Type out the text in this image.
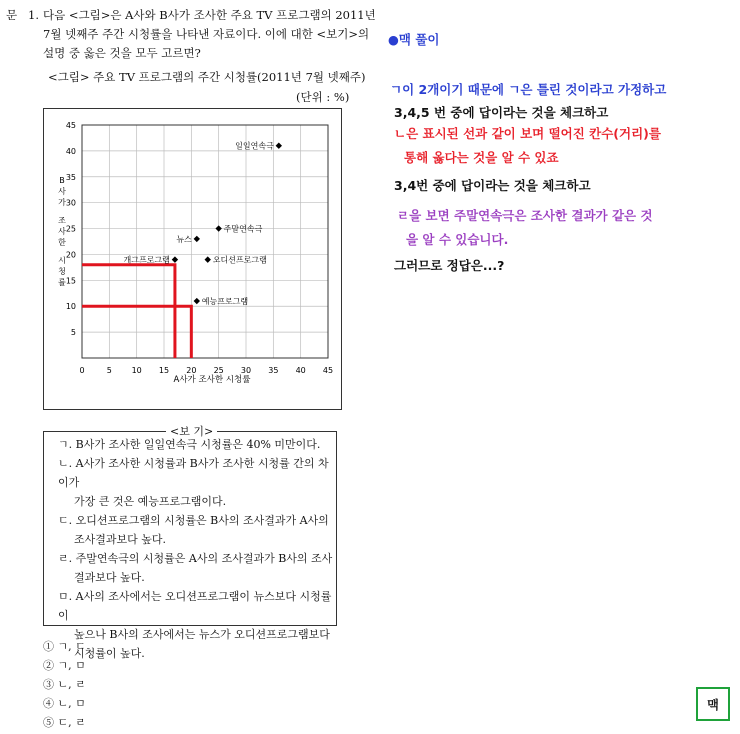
문 1. 다음 <그림>은 A사와 B사가 조사한 주요 TV 프로그램의 2011년
7월 넷째주 주간 시청률을 나타낸 자료이다. 이에 대한 <보기>의
설명 중 옳은 것을 모두 고르면?
<그림> 주요 TV 프로그램의 주간 시청률(2011년 7월 넷째주)
(단위 : %)
5
10
15
20
25
30
35
40
45
0	5 10 15 20 25 30 35 40 45
일일연속극
주말연속극
뉴스
개그프로그램	오디션프로그램
예능프로그램
A사가 조사한 시청률
B
사
가
조
사
한
시
청
률
<보 기>
ㄱ. B사가 조사한 일일연속극 시청률은 40% 미만이다.
ㄴ. A사가 조사한 시청률과 B사가 조사한 시청률 간의 차이가
가장 큰 것은 예능프로그램이다.
ㄷ. 오디션프로그램의 시청률은 B사의 조사결과가 A사의
조사결과보다 높다.
ㄹ. 주말연속극의 시청률은 A사의 조사결과가 B사의 조사
결과보다 높다.
ㅁ. A사의 조사에서는 오디션프로그램이 뉴스보다 시청률이
높으나 B사의 조사에서는 뉴스가 오디션프로그램보다
시청률이 높다.
① ㄱ, ㄷ
② ㄱ, ㅁ
③ ㄴ, ㄹ
④ ㄴ, ㅁ
⑤ ㄷ, ㄹ
●맥 풀이
ㄱ이 2개이기 때문에 ㄱ은 틀린 것이라고 가정하고
3,4,5 번 중에 답이라는 것을 체크하고
ㄴ은 표시된 선과 같이 보며 떨어진 칸수(거리)를
통해 옳다는 것을 알 수 있죠
3,4번 중에 답이라는 것을 체크하고
ㄹ을 보면 주말연속극은 조사한 결과가 같은 것
을 알 수 있습니다.
그러므로 정답은...?
맥
